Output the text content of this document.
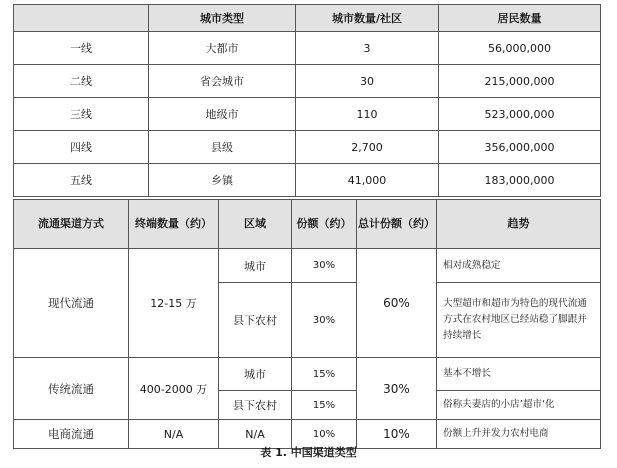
	城市类型	城市数量/社区	居民数量
一线	大都市	3	56,000,000
二线	省会城市	30	215,000,000
三线	地级市	110	523,000,000
四线	县级	2,700	356,000,000
五线	乡镇	41,000	183,000,000
流通渠道方式	终端数量（约）	区域	份额（约）	总计份额（约）	趋势
现代流通	12-15 万	城市	30%	60%	相对成熟稳定
		县下农村	30%		大型超市和超市为特色的现代流通方式在农村地区已经站稳了脚跟并持续增长
传统流通	400-2000 万	城市	15%	30%	基本不增长
		县下农村	15%		俗称夫妻店的小店’超市‘化
电商流通	N/A	N/A	10%	10%	份额上升并发力农村电商
表 1. 中国渠道类型
